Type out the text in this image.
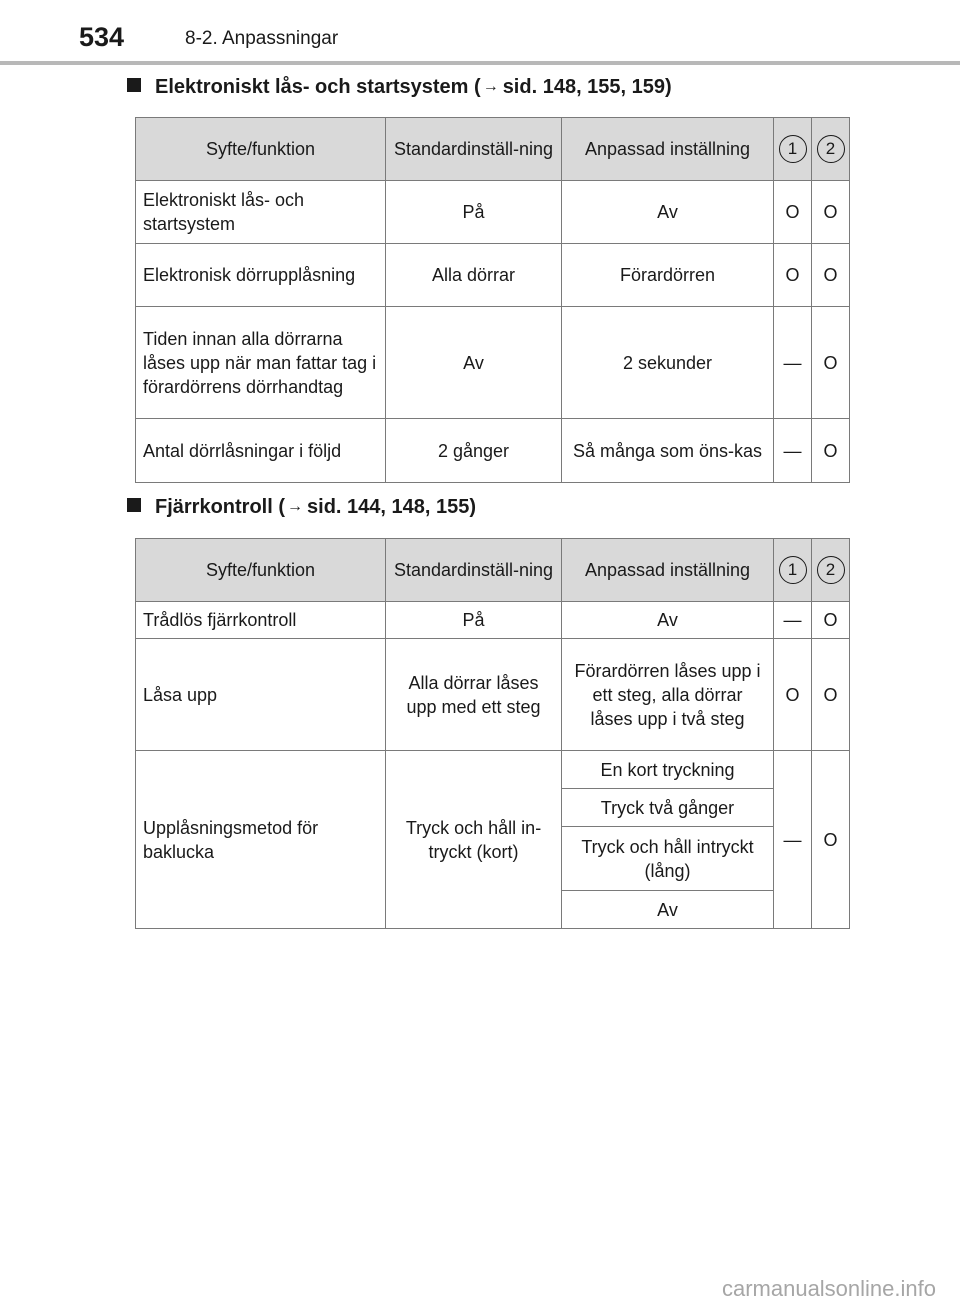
534	8-2. Anpassningar
Elektroniskt lås- och startsystem ( → sid. 148, 155, 159)
Syfte/funktion	Standardinställ-ning	Anpassad inställning	1	2
Elektroniskt lås- och startsystem	På	Av	O	O
Elektronisk dörrupplåsning	Alla dörrar	Förardörren	O	O
Tiden innan alla dörrarna låses upp när man fattar tag i förardörrens dörrhandtag	Av	2 sekunder	—	O
Antal dörrlåsningar i följd	2 gånger	Så många som öns-kas	—	O
Fjärrkontroll ( → sid. 144, 148, 155)
Syfte/funktion	Standardinställ-ning	Anpassad inställning	1	2
Trådlös fjärrkontroll	På	Av	—	O
Låsa upp	Alla dörrar låses upp med ett steg	Förardörren låses upp i ett steg, alla dörrar låses upp i två steg	O	O
Upplåsningsmetod för baklucka	Tryck och håll in-tryckt (kort)	En kort tryckning	—	O
		Tryck två gånger		
		Tryck och håll intryckt (lång)		
		Av		
carmanualsonline.info
